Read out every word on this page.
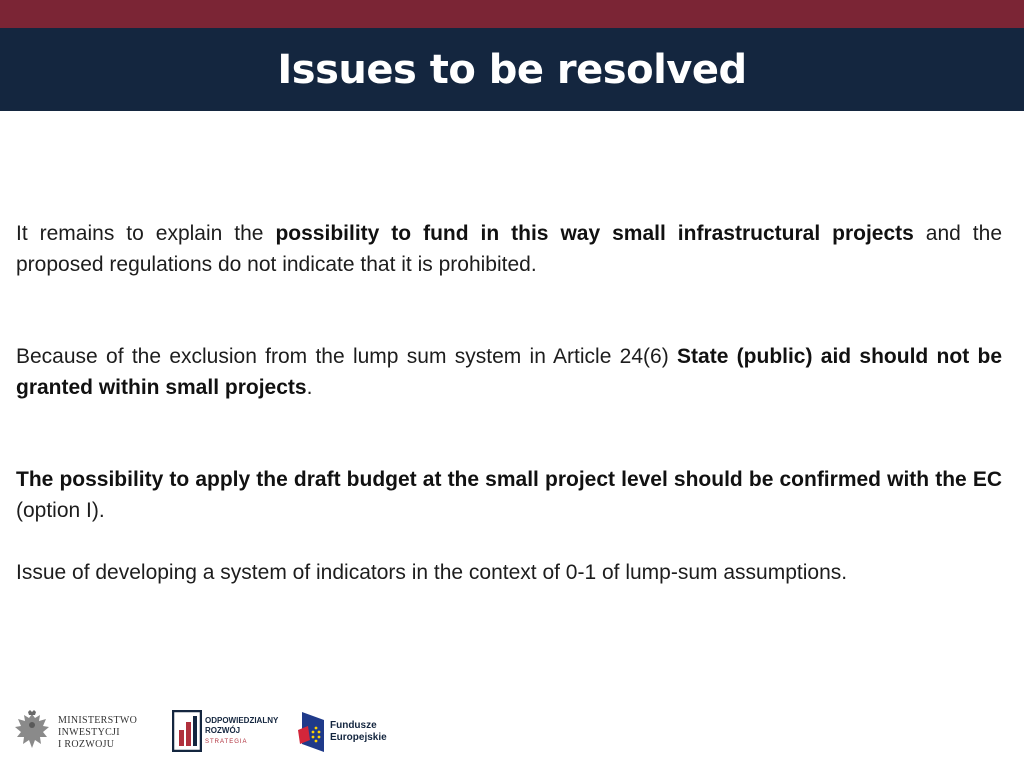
Issues to be resolved

It remains to explain the possibility to fund in this way small infrastructural projects and the proposed regulations do not indicate that it is prohibited.

Because of the exclusion from the lump sum system in Article 24(6) State (public) aid should not be granted within small projects.

The possibility to apply the draft budget at the small project level should be confirmed with the EC (option I).

Issue of developing a system of indicators in the context of 0-1 of lump-sum assumptions.

MINISTERSTWO
INWESTYCJI
I ROZWOJU
ODPOWIEDZIALNY
ROZWÓJ
STRATEGIA
Fundusze
Europejskie
